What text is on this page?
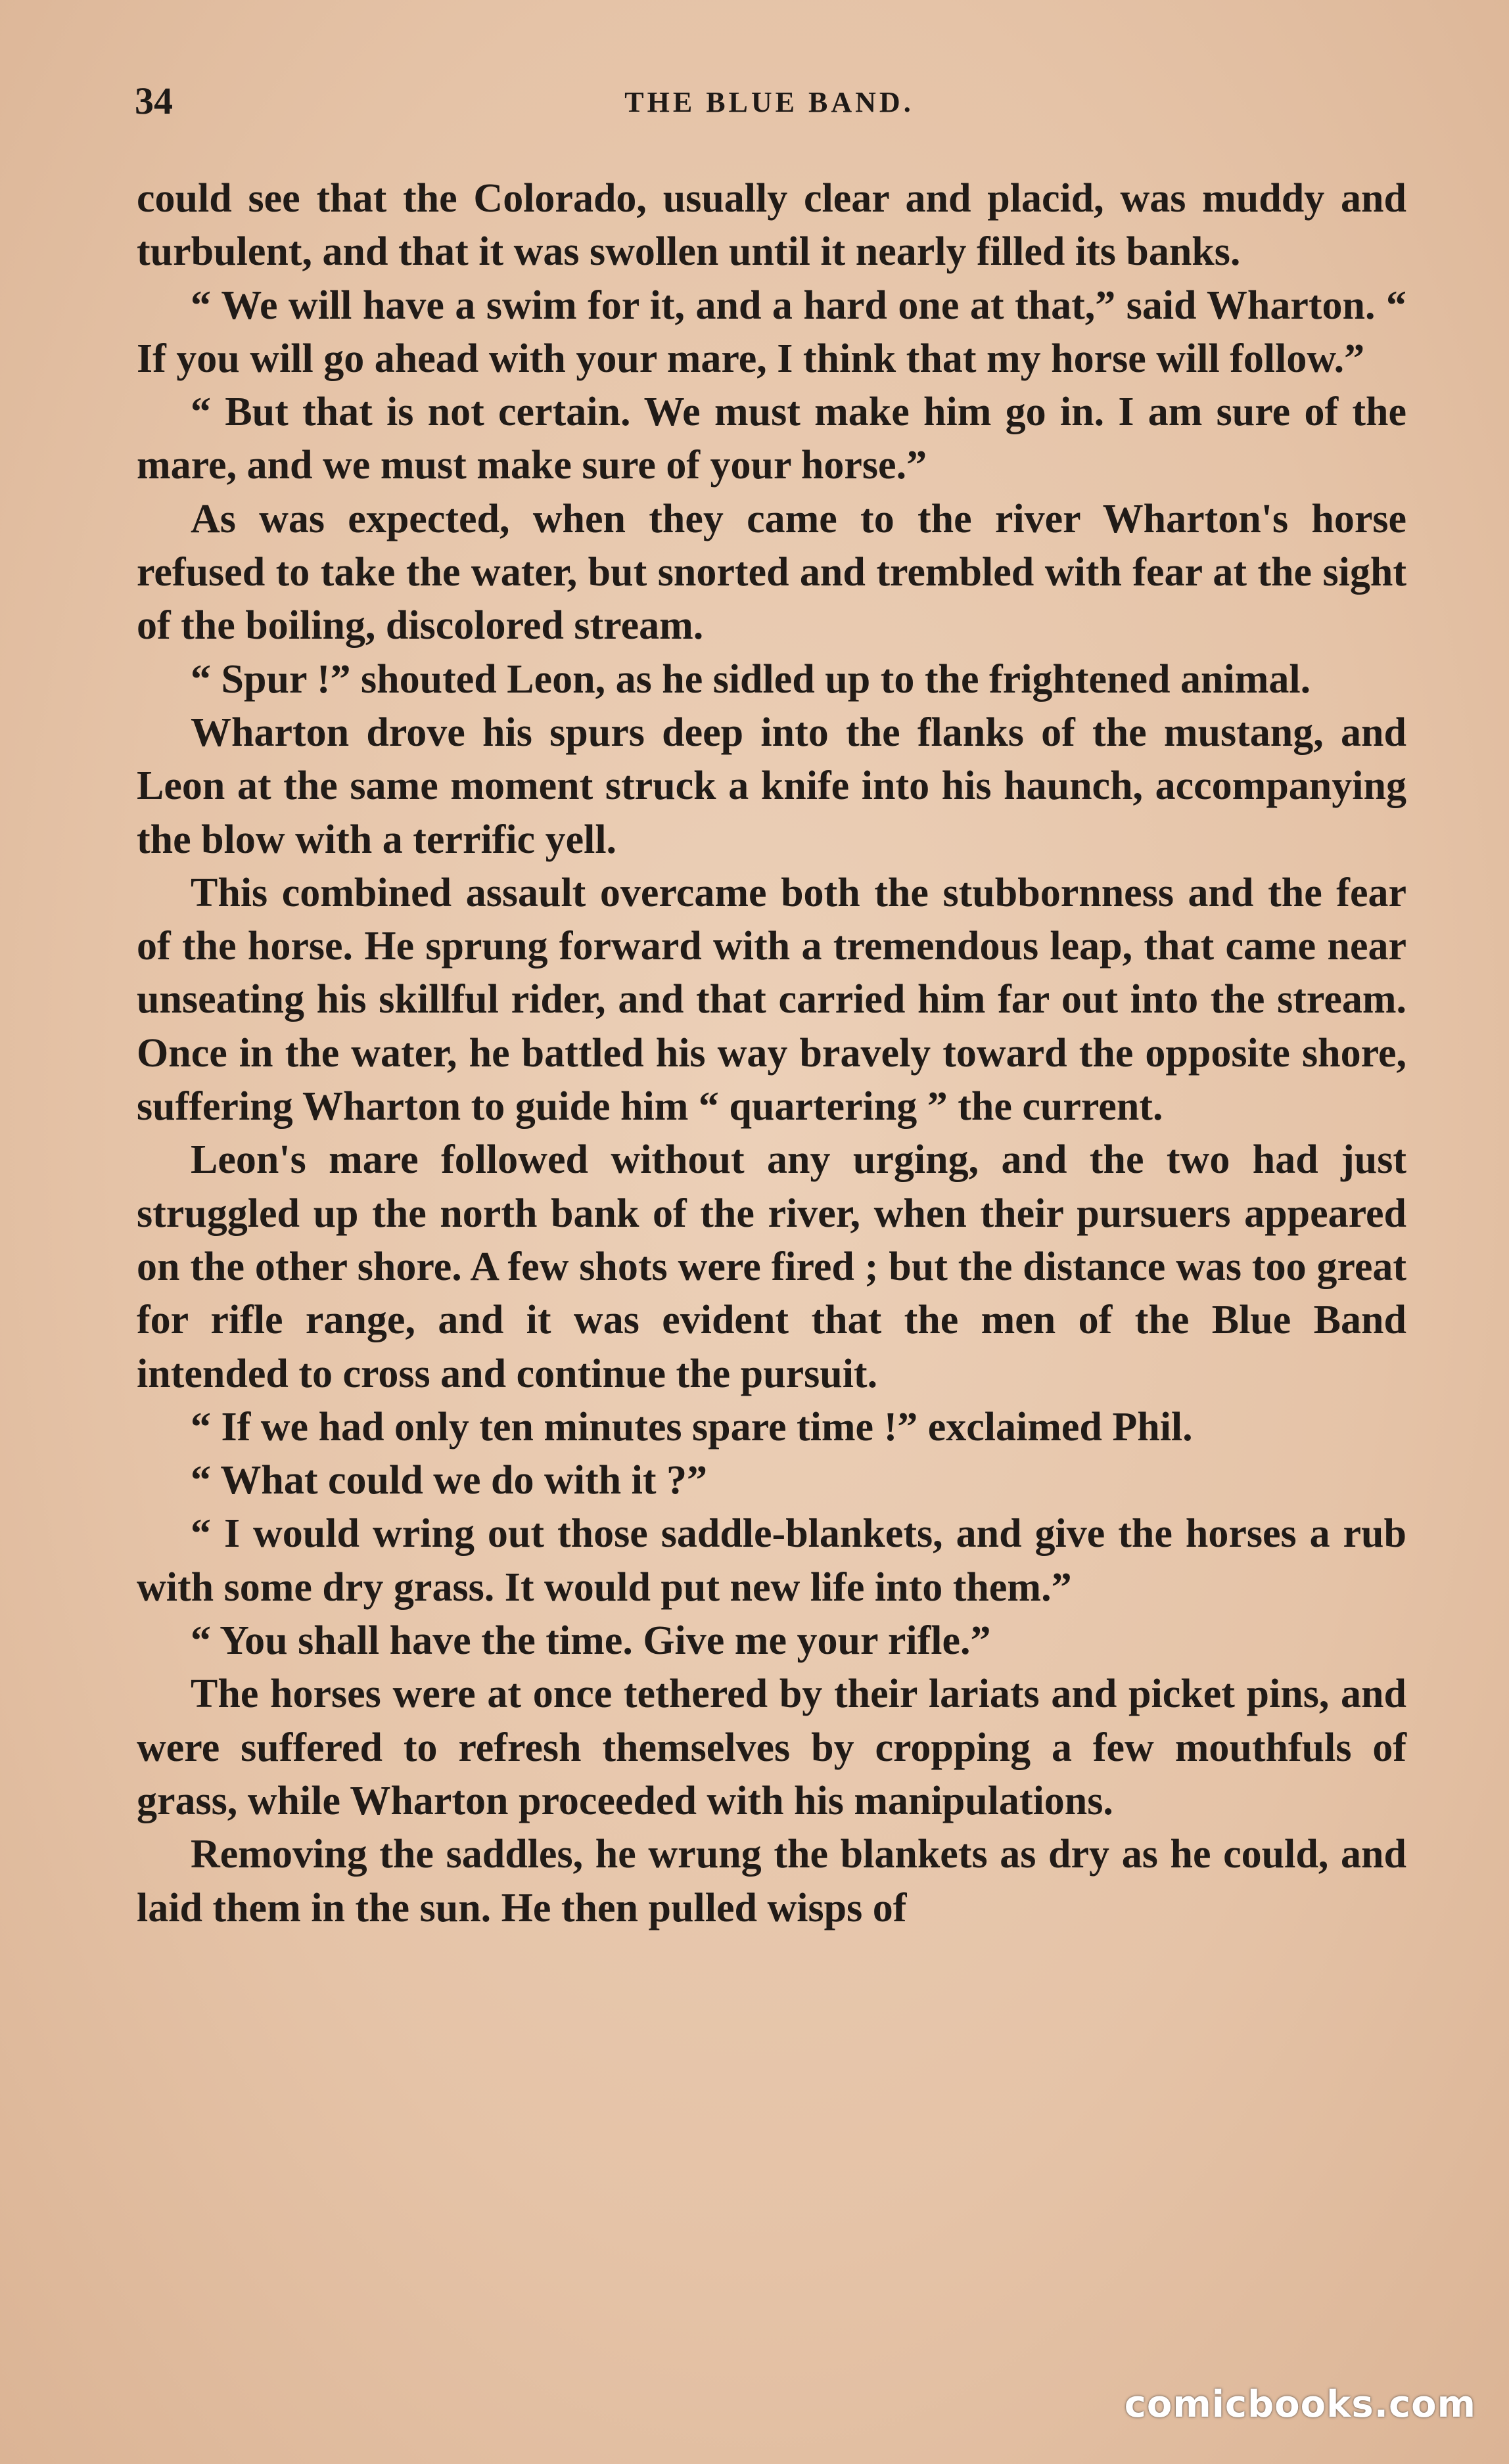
34	THE BLUE BAND.

could see that the Colorado, usually clear and placid, was muddy and turbulent, and that it was swollen until it nearly filled its banks.

“ We will have a swim for it, and a hard one at that,” said Wharton. “ If you will go ahead with your mare, I think that my horse will follow.”

“ But that is not certain. We must make him go in. I am sure of the mare, and we must make sure of your horse.”

As was expected, when they came to the river Wharton's horse refused to take the water, but snorted and trembled with fear at the sight of the boiling, discolored stream.

“ Spur !” shouted Leon, as he sidled up to the frightened animal.

Wharton drove his spurs deep into the flanks of the mustang, and Leon at the same moment struck a knife into his haunch, accompanying the blow with a terrific yell.

This combined assault overcame both the stubbornness and the fear of the horse. He sprung forward with a tremendous leap, that came near unseating his skillful rider, and that carried him far out into the stream. Once in the water, he battled his way bravely toward the opposite shore, suffering Wharton to guide him “ quartering ” the current.

Leon's mare followed without any urging, and the two had just struggled up the north bank of the river, when their pursuers appeared on the other shore. A few shots were fired ; but the distance was too great for rifle range, and it was evident that the men of the Blue Band intended to cross and continue the pursuit.

“ If we had only ten minutes spare time !” exclaimed Phil.

“ What could we do with it ?”

“ I would wring out those saddle-blankets, and give the horses a rub with some dry grass. It would put new life into them.”

“ You shall have the time. Give me your rifle.”

The horses were at once tethered by their lariats and picket pins, and were suffered to refresh themselves by cropping a few mouthfuls of grass, while Wharton proceeded with his manipulations.

Removing the saddles, he wrung the blankets as dry as he could, and laid them in the sun. He then pulled wisps of

comicbooks.com
